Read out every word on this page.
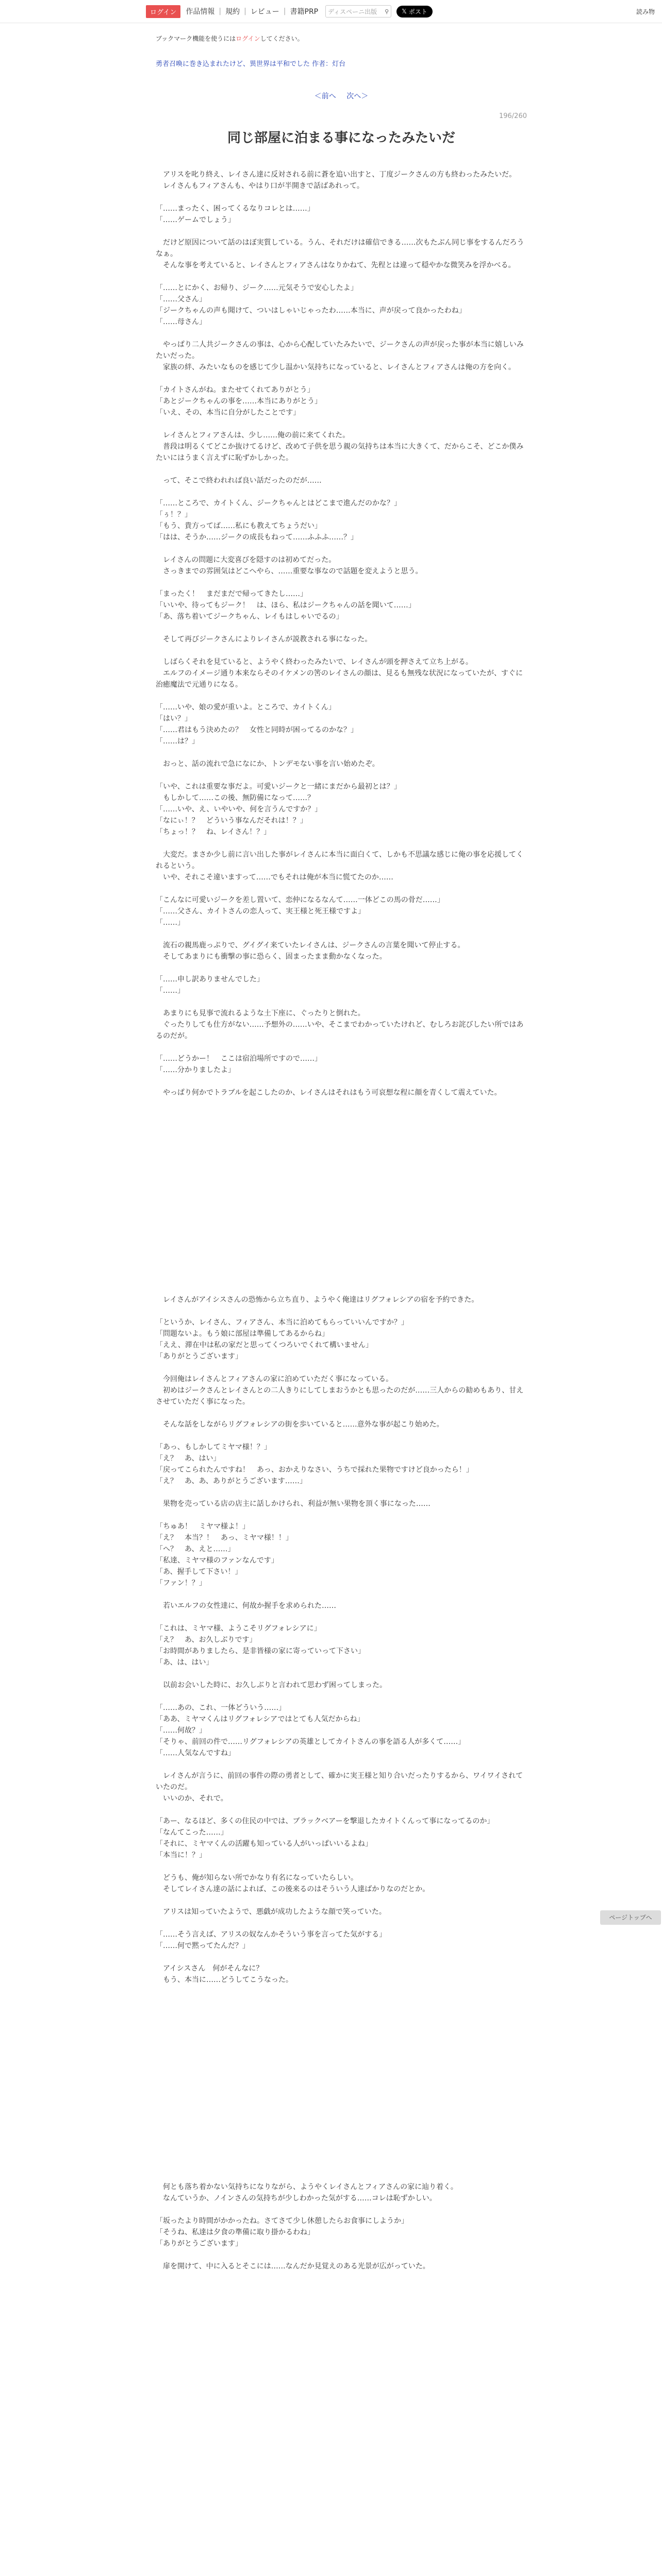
ログイン	作品情報 | 規約 | レビュー | 書籍PRP ディスペーニ出版 ⚲ 𝕏 ポスト	読み物

ブックマーク機能を使うにはログインしてください。

勇者召喚に巻き込まれたけど、異世界は平和でした 作者：灯台
＜前へ 次へ＞
196/260
同じ部屋に泊まる事になったみたいだ

　アリスを叱り終え、レイさん達に反対される前に蒼を追い出すと、丁度ジークさんの方も終わったみたいだ。

　レイさんもフィアさんも、やはり口が半開きで話ばあれって。

「……まったく、困ってくるなりコレとは……」

「……ゲームでしょう」

　だけど原因について話のはぼ実質している。うん、それだけは確信できる……次もたぶん同じ事をするんだろうなぁ。

　そんな事を考えていると、レイさんとフィアさんはなりかねて、先程とは違って穏やかな微笑みを浮かべる。

「……とにかく、お帰り、ジーク……元気そうで安心したよ」

「……父さん」

「ジークちゃんの声も聞けて、ついはしゃいじゃったわ……本当に、声が戻って良かったわね」

「……母さん」

　やっぱり二人共ジークさんの事は、心から心配していたみたいで、ジークさんの声が戻った事が本当に嬉しいみたいだった。

　家族の絆、みたいなものを感じて少し温かい気持ちになっていると、レイさんとフィアさんは俺の方を向く。

「カイトさんがね。またせてくれてありがとう」

「あとジークちゃんの事を……本当にありがとう」

「いえ、その、本当に自分がしたことです」

　レイさんとフィアさんは、少し……俺の前に来てくれた。

　普段は明るくてどこか抜けてるけど、改めて子供を思う親の気持ちは本当に大きくて、だからこそ、どこか僕みたいにはうまく言えずに恥ずかしかった。

　って、そこで終われれば良い話だったのだが……

「……ところで、カイトくん、ジークちゃんとはどこまで進んだのかな？」

「ぅ！？」

「もう、貴方ってば……私にも教えてちょうだい」

「はは、そうか……ジークの成長もねって……ふふふ……？」

　レイさんの問題に大変喜びを隠すのは初めてだった。

　さっきまでの雰囲気はどこへやら、……重要な事なので話題を変えようと思う。

「まったく！　まだまだで帰ってきたし……」

「いいや、待ってもジーク！　は、ほら、私はジークちゃんの話を聞いて……」

「あ、落ち着いてジークちゃん、レイもはしゃいでるの」

　そして再びジークさんによりレイさんが説教される事になった。

　しばらくそれを見ていると、ようやく終わったみたいで、レイさんが頭を押さえて立ち上がる。

　エルフのイメージ通り本来ならそのイケメンの筈のレイさんの顔は、見るも無残な状況になっていたが、すぐに治癒魔法で元通りになる。

「……いや、娘の愛が重いよ。ところで、カイトくん」

「はい？」

「……君はもう決めたの？　女性と同時が困ってるのかな？」

「……は？」

　おっと、話の流れで急になにか、トンデモない事を言い始めたぞ。

「いや、これは重要な事だよ。可愛いジークと一緒にまだから最初とは？」

　もしかして……この後、無防備になって……？

「……いや、え、いやいや、何を言うんですか？」

「なにぃ！？　どういう事なんだそれは！？」

「ちょっ！？　ね、レイさん！？」

　大変だ。まさか少し前に言い出した事がレイさんに本当に面白くて、しかも不思議な感じに俺の事を応援してくれるという。

　いや、それこそ違いますって……でもそれは俺が本当に慌てたのか……

「こんなに可愛いジークを差し置いて、恋仲になるなんて……一体どこの馬の骨だ……」

「……父さん、カイトさんの恋人って、実王様と死王様ですよ」

「……」

　流石の親馬鹿っぷりで、グイグイ来ていたレイさんは、ジークさんの言葉を聞いて停止する。

　そしてあまりにも衝撃の事に恐らく、固まったまま動かなくなった。

「……申し訳ありませんでした」

「……」

　あまりにも見事で流れるような土下座に、ぐったりと倒れた。

　ぐったりしても仕方がない……予想外の……いや、そこまでわかっていたけれど、むしろお詫びしたい所ではあるのだが。

「……どうかー！　ここは宿泊場所ですので……」

「……分かりましたよ」

　やっぱり何かでトラブルを起こしたのか、レイさんはそれはもう可哀想な程に顔を青くして震えていた。

　レイさんがアイシスさんの恐怖から立ち直り、ようやく俺達はリグフォレシアの宿を予約できた。

「というか、レイさん、フィアさん、本当に泊めてもらっていいんですか？」

「問題ないよ。もう娘に部屋は準備してあるからね」

「ええ、滞在中は私の家だと思ってくつろいでくれて構いません」

「ありがとうございます」

　今回俺はレイさんとフィアさんの家に泊めていただく事になっている。

　初めはジークさんとレイさんとの二人きりにしてしまおうかとも思ったのだが……三人からの勧めもあり、甘えさせていただく事になった。

　そんな話をしながらリグフォレシアの街を歩いていると……意外な事が起こり始めた。

「あっ、もしかしてミヤマ様！？」

「え？　あ、はい」

「戻ってこられたんですね！　あっ、おかえりなさい、うちで採れた果物ですけど良かったら！」

「え？　あ、あ、ありがとうございます……」

　果物を売っている店の店主に話しかけられ、利益が無い果物を頂く事になった……

「ちゅあ！　ミヤマ様よ！」

「え？　本当？！　あっ、ミヤマ様！！」

「へ？　あ、えと……」

「私達、ミヤマ様のファンなんです」

「あ、握手して下さい！」

「ファン！？」

　若いエルフの女性達に、何故か握手を求められた……

「これは、ミヤマ様、ようこそリグフォレシアに」

「え？　あ、お久しぶりです」

「お時間がありましたら、是非皆様の家に寄っていって下さい」

「あ、は、はい」

　以前お会いした時に、お久しぶりと言われて思わず困ってしまった。

「……あの、これ、一体どういう……」

「ああ、ミヤマくんはリグフォレシアではとても人気だからね」

「……何故？」

「そりゃ、前回の件で……リグフォレシアの英雄としてカイトさんの事を語る人が多くて……」

「……人気なんですね」

　レイさんが言うに、前回の事件の際の勇者として、確かに実王様と知り合いだったりするから、ワイワイされていたのだ。

　いいのか、それで。

「あー、なるほど、多くの住民の中では、ブラックベアーを撃退したカイトくんって事になってるのか」

「なんてこった……」

「それに、ミヤマくんの活躍も知っている人がいっぱいいるよね」

「本当に！？」

　どうも、俺が知らない所でかなり有名になっていたらしい。

　そしてレイさん達の話によれば、この後来るのはそういう人達ばかりなのだとか。

　アリスは知っていたようで、悪戯が成功したような顔で笑っていた。

「……そう言えば、アリスの奴なんかそういう事を言ってた気がする」

「……何で黙ってたんだ？」

　アイシスさん　何がそんなに？

　もう、本当に……どうしてこうなった。

　何とも落ち着かない気持ちになりながら、ようやくレイさんとフィアさんの家に辿り着く。

　なんていうか、ノインさんの気持ちが少しわかった気がする……コレは恥ずかしい。

「坂ったより時間がかかったね。さてさて少し休憩したらお食事にしようか」

「そうね、私達は夕食の準備に取り掛かるわね」

「ありがとうございます」

　扉を開けて、中に入るとそこには……なんだか見覚えのある光景が広がっていた。

ページトップへ
